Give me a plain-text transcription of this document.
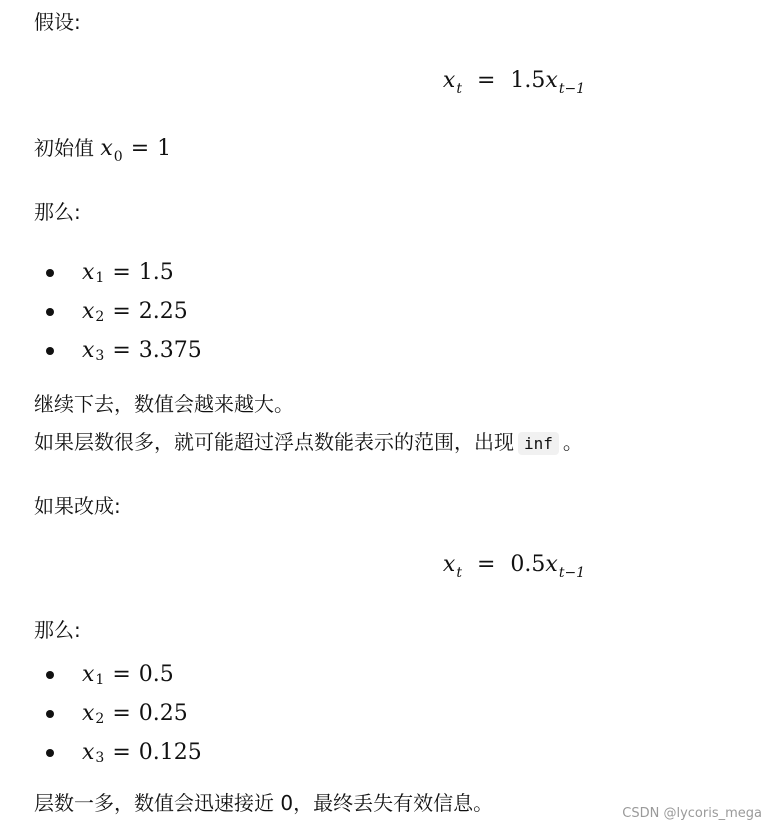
假设:
$x_t = 1.5x_{t-1}$
初始值 $x_0 = 1$
那么:
x 1 = 1.5
x 2 = 2.25
x 3 = 3.375
继续下去，数值会越来越大。
如果层数很多，就可能超过浮点数能表示的范围，出现 inf 。
如果改成:
$x_t = 0.5x_{t-1}$
那么:
x 1 = 0.5
x 2 = 0.25
x 3 = 0.125
层数一多，数值会迅速接近 0，最终丢失有效信息。	CSDN @lycoris_mega
